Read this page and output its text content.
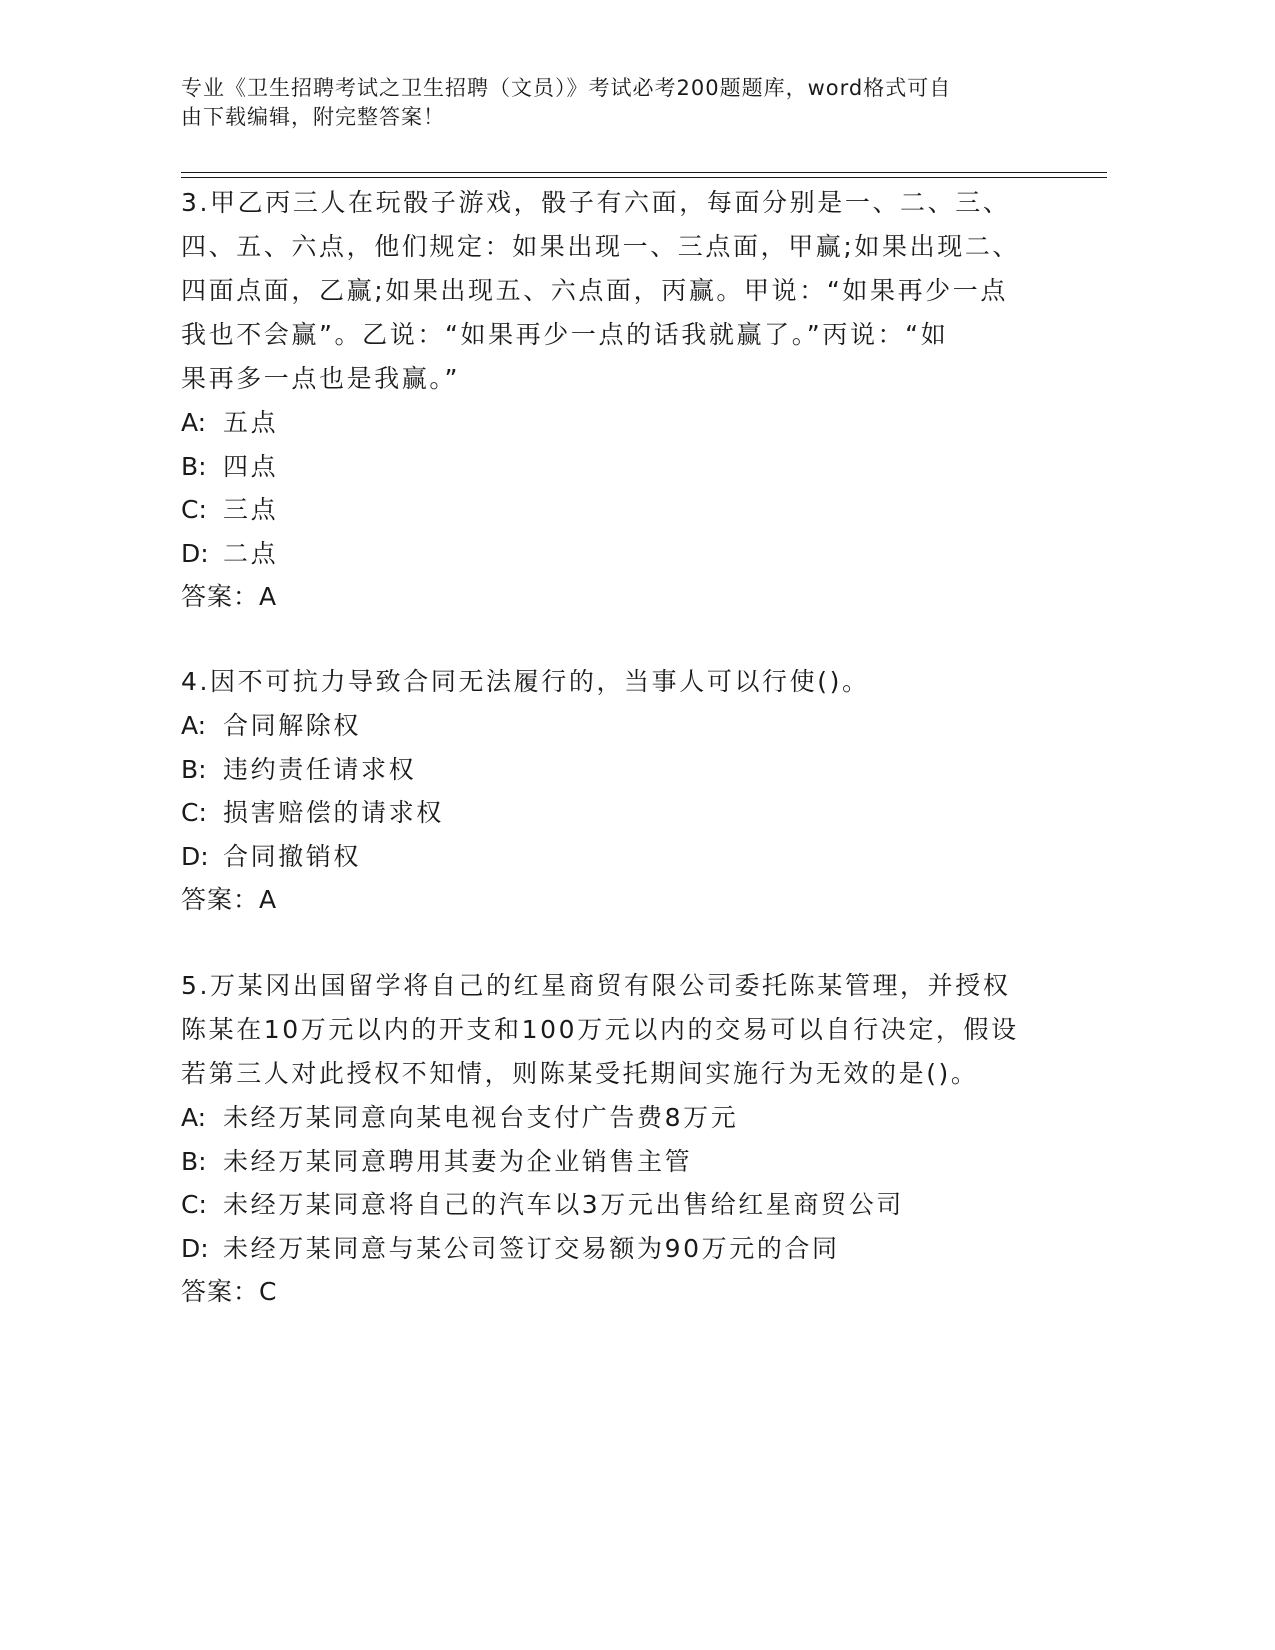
专业《卫生招聘考试之卫生招聘（文员）》考试必考200题题库，word格式可自
由下载编辑，附完整答案！
3.甲乙丙三人在玩骰子游戏，骰子有六面，每面分别是一、二、三、
四、五、六点，他们规定：如果出现一、三点面，甲赢;如果出现二、
四面点面，乙赢;如果出现五、六点面，丙赢。甲说：“如果再少一点
我也不会赢”。乙说：“如果再少一点的话我就赢了。”丙说：“如
果再多一点也是我赢。”
A: 五点
B: 四点
C: 三点
D: 二点
答案：A
4.因不可抗力导致合同无法履行的，当事人可以行使()。
A: 合同解除权
B: 违约责任请求权
C: 损害赔偿的请求权
D: 合同撤销权
答案：A
5.万某冈出国留学将自己的红星商贸有限公司委托陈某管理，并授权
陈某在10万元以内的开支和100万元以内的交易可以自行决定，假设
若第三人对此授权不知情，则陈某受托期间实施行为无效的是()。
A: 未经万某同意向某电视台支付广告费8万元
B: 未经万某同意聘用其妻为企业销售主管
C: 未经万某同意将自己的汽车以3万元出售给红星商贸公司
D: 未经万某同意与某公司签订交易额为90万元的合同
答案：C
